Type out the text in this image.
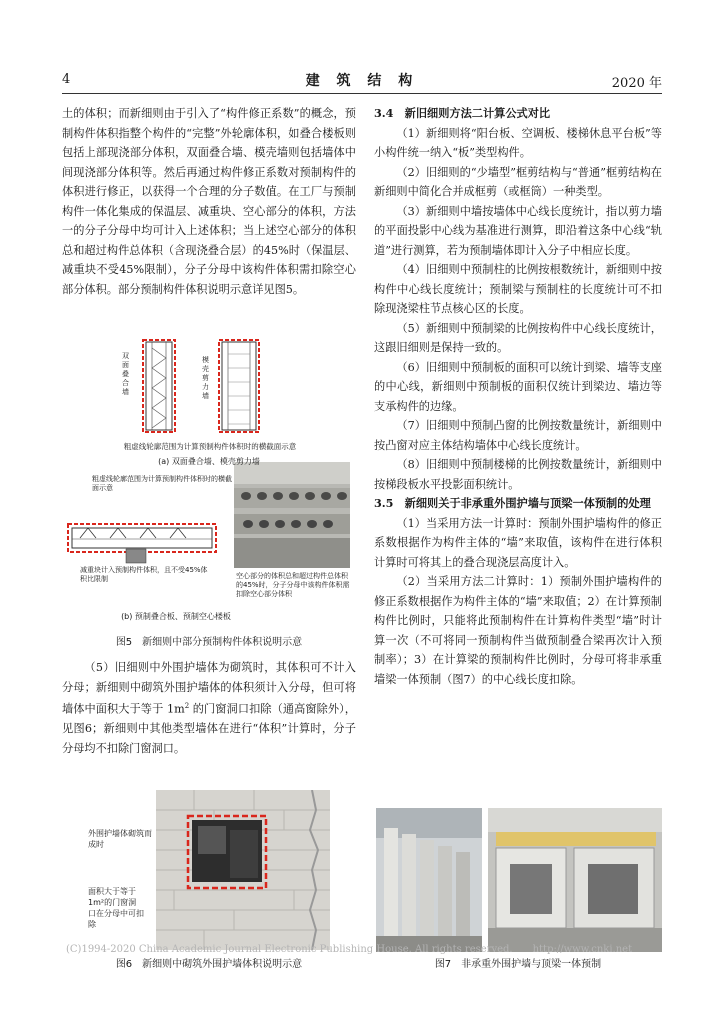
4	建 筑 结 构	2020 年

土的体积；而新细则由于引入了“构件修正系数”的概念，预制构件体积指整个构件的“完整”外轮廓体积，如叠合楼板则包括上部现浇部分体积，双面叠合墙、模壳墙则包括墙体中间现浇部分体积等。然后再通过构件修正系数对预制构件的体积进行修正，以获得一个合理的分子数值。在工厂与预制构件一体化集成的保温层、减重块、空心部分的体积，方法一的分子分母中均可计入上述体积；当上述空心部分的体积总和超过构件总体积（含现浇叠合层）的45%时（保温层、减重块不受45%限制），分子分母中该构件体积需扣除空心部分体积。部分预制构件体积说明示意详见图5。

双面叠合墙
模壳剪力墙
粗虚线轮廓范围为计算预制构件体积时的横截面示意
(a) 双面叠合墙、模壳剪力墙
粗虚线轮廓范围为计算预制构件体积时的横截面示意
减重块计入预制构件体积，且不受45%体积比限制	空心部分的体积总和超过构件总体积的45%时，分子分母中该构件体积需扣除空心部分体积
(b) 预制叠合板、预制空心楼板
图5　新细则中部分预制构件体积说明示意

（5）旧细则中外围护墙体为砌筑时，其体积可不计入分母；新细则中砌筑外围护墙体的体积须计入分母，但可将墙体中面积大于等于 $1m^2$ 的门窗洞口扣除（通高窗除外），见图6；新细则中其他类型墙体在进行“体积”计算时，分子分母均不扣除门窗洞口。

外围护墙体砌筑而成时
面积大于等于1m²的门窗洞口在分母中可扣除
图6　新细则中砌筑外围护墙体积说明示意

3.4　新旧细则方法二计算公式对比

（1）新细则将“阳台板、空调板、楼梯休息平台板”等小构件统一纳入“板”类型构件。

（2）旧细则的“少墙型”框剪结构与“普通”框剪结构在新细则中简化合并成框剪（或框筒）一种类型。

（3）新细则中墙按墙体中心线长度统计，指以剪力墙的平面投影中心线为基准进行测算，即沿着这条中心线“轨道”进行测算，若为预制墙体即计入分子中相应长度。

（4）旧细则中预制柱的比例按根数统计，新细则中按构件中心线长度统计；预制梁与预制柱的长度统计可不扣除现浇梁柱节点核心区的长度。

（5）新细则中预制梁的比例按构件中心线长度统计，这跟旧细则是保持一致的。

（6）旧细则中预制板的面积可以统计到梁、墙等支座的中心线，新细则中预制板的面积仅统计到梁边、墙边等支承构件的边缘。

（7）旧细则中预制凸窗的比例按数量统计，新细则中按凸窗对应主体结构墙体中心线长度统计。

（8）旧细则中预制楼梯的比例按数量统计，新细则中按梯段板水平投影面积统计。

3.5　新细则关于非承重外围护墙与顶梁一体预制的处理

（1）当采用方法一计算时：预制外围护墙构件的修正系数根据作为构件主体的“墙”来取值，该构件在进行体积计算时可将其上的叠合现浇层高度计入。

（2）当采用方法二计算时：1）预制外围护墙构件的修正系数根据作为构件主体的“墙”来取值；2）在计算预制构件比例时，只能将此预制构件在计算构件类型“墙”时计算一次（不可将同一预制构件当做预制叠合梁再次计入预制率）；3）在计算梁的预制构件比例时，分母可将非承重墙梁一体预制（图7）的中心线长度扣除。

图7　非承重外围护墙与顶梁一体预制
(C)1994-2020 China Academic Journal Electronic Publishing House. All rights reserved.　　http://www.cnki.net
